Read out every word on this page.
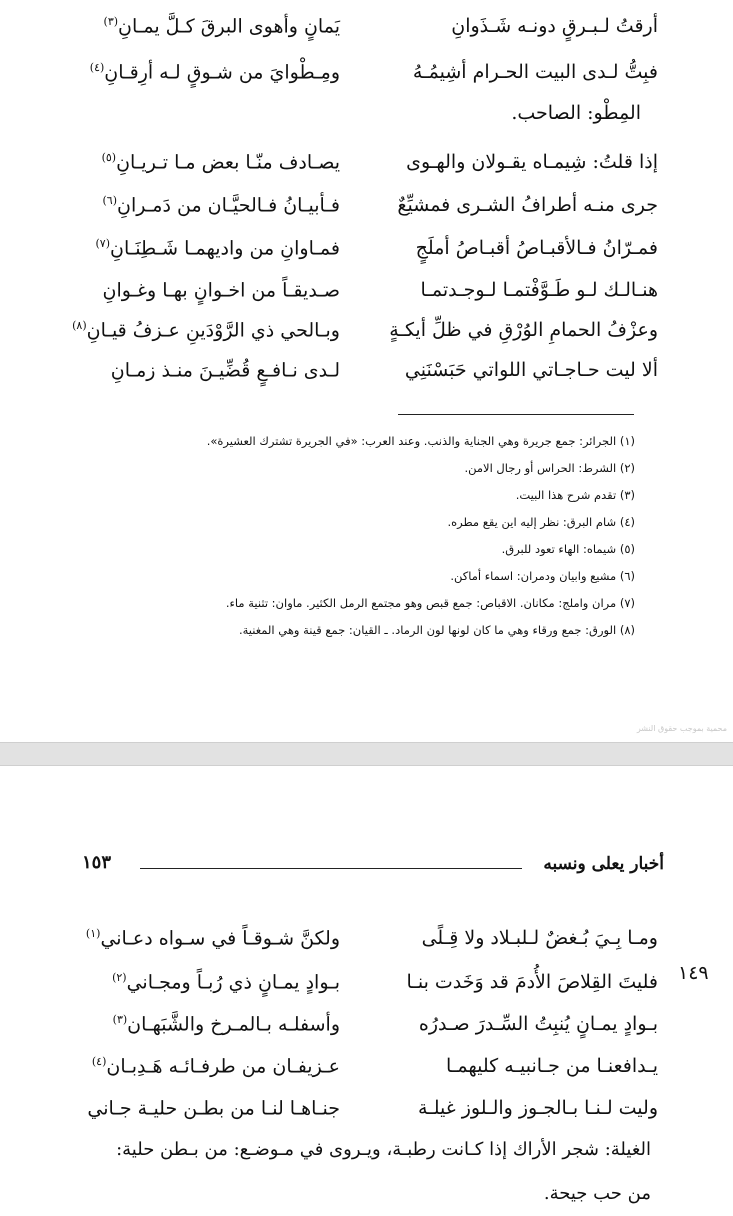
أرقتُ لـبـرقٍ دونـه شَـذَوانِ
يَمانٍ وأهوى البرقَ كـلَّ يمـانِ$^{(٣)}$
فبِتُّ لـدى البيت الحـرام أشِيمُـهُ
ومِـطْوايَ من شـوقٍ لـه أرِقـانِ$^{(٤)}$
المِطْو: الصاحب.
إذا قلتُ: شِيمـاه يقـولان والهـوى
يصـادف منّـا بعض مـا تـريـانِ$^{(٥)}$
جرى منـه أطرافُ الشـرى فمشيِّعٌ
فـأبيـانُ فـالحيَّـان من دَمـرانِ$^{(٦)}$
فمـرّانُ فـالأقبـاصُ أقبـاصُ أملَجٍ
فمـاوانِ من واديهمـا شَـطِنَـانِ$^{(٧)}$
هنـالـك لـو طَـوَّفْتمـا لـوجـدتمـا
صـديقـاً من اخـوانٍ بهـا وغـوانِ
وعزْفُ الحمامِ الوُرْقِ في ظلِّ أيكـةٍ
وبـالحي ذي الرَّوْدَينِ عـزفُ قيـانِ$^{(٨)}$
ألا ليت حـاجـاتي اللواتي حَبَسْنَنِي
لـدى نـافـعٍ قُضِّيـنَ منـذ زمـانِ
(١) الجرائر: جمع جريرة وهي الجناية والذنب. وعند العرب: «في الجريرة تشترك العشيرة».
(٢) الشرط: الحراس أو رجال الامن.
(٣) تقدم شرح هذا البيت.
(٤) شام البرق: نظر إليه اين يقع مطره.
(٥) شيماه: الهاء تعود للبرق.
(٦) مشيع وابيان ودمران: اسماء أماكن.
(٧) مران واملج: مكانان. الاقباص: جمع قبص وهو مجتمع الرمل الكثير. ماوان: تثنية ماء.
(٨) الورق: جمع ورقاء وهي ما كان لونها لون الرماد. ـ القيان: جمع قينة وهي المغنية.
محمية بموجب حقوق النشر
أخبار يعلى ونسبه
١٥٣
ومـا بِـيَ بُـغضٌ لـلبـلاد ولا قِـلًى
ولكنَّ شـوقـاً في سـواه دعـاني$^{(١)}$
١٤٩
فليتَ القِلاصَ الأُدمَ قد وَخَدت بنـا
بـوادٍ يمـانٍ ذي رُبـاً ومجـاني$^{(٢)}$
بـوادٍ يمـانٍ يُنبِتُ السِّـدرَ صـدرُه
وأسفلـه بـالمـرخ والشَّبَهـان$^{(٣)}$
يـدافعنـا من جـانبيـه كليهمـا
عـزيفـان من طرفـائـه هَـدِبـان$^{(٤)}$
وليت لـنـا بـالجـوز والـلوز غيلـة
جنـاهـا لنـا من بطـن حليـة جـاني
الغيلة: شجر الأراك إذا كـانت رطبـة، ويـروى في مـوضـع: من بـطن حلية: من حب جيحة.
